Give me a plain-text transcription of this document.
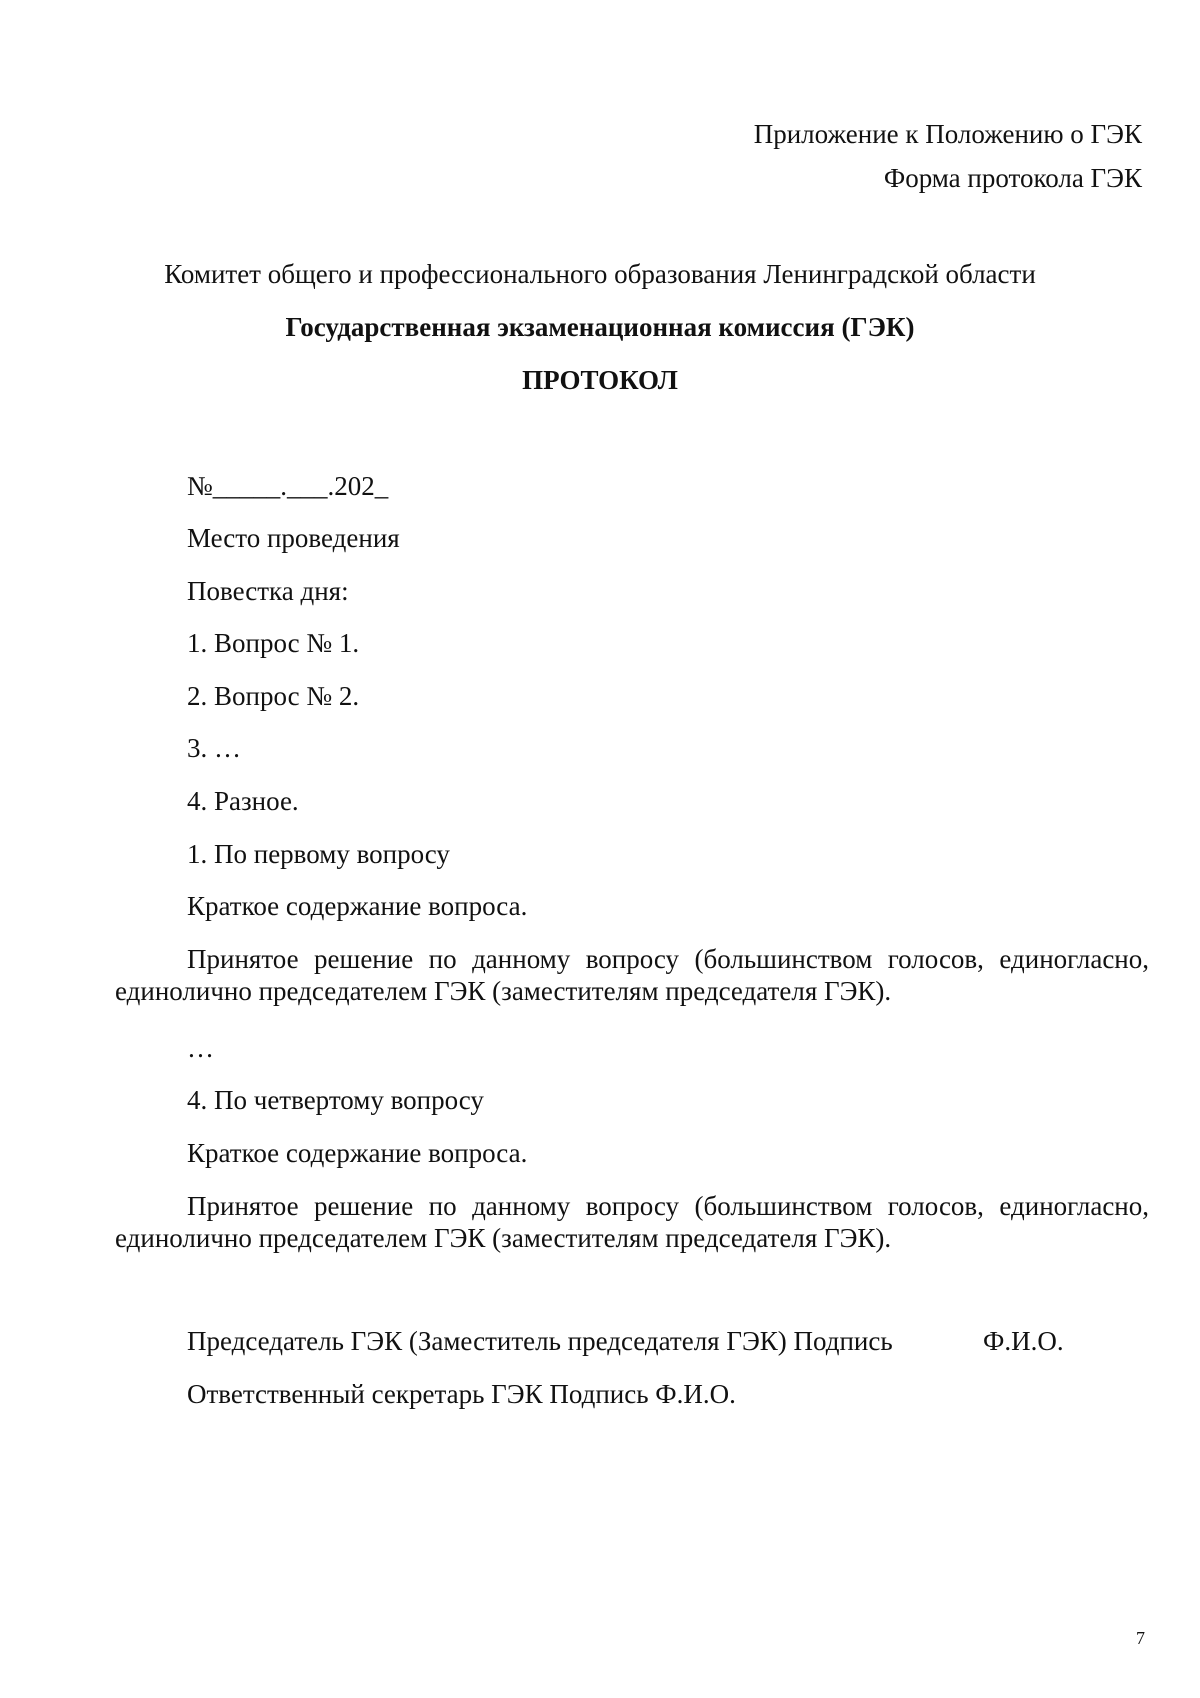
Приложение к Положению о ГЭК
Форма протокола ГЭК
Комитет общего и профессионального образования Ленинградской области
Государственная экзаменационная комиссия (ГЭК)
ПРОТОКОЛ
№_____.___.202_
Место проведения
Повестка дня:
1. Вопрос № 1.
2. Вопрос № 2.
3. …
4. Разное.
1. По первому вопросу
Краткое содержание вопроса.
Принятое решение по данному вопросу (большинством голосов, единогласно, единолично председателем ГЭК (заместителям председателя ГЭК).
…
4. По четвертому вопросу
Краткое содержание вопроса.
Принятое решение по данному вопросу (большинством голосов, единогласно, единолично председателем ГЭК (заместителям председателя ГЭК).
Председатель ГЭК (Заместитель председателя ГЭК) Подпись	Ф.И.О.
Ответственный секретарь ГЭК Подпись Ф.И.О.
7
